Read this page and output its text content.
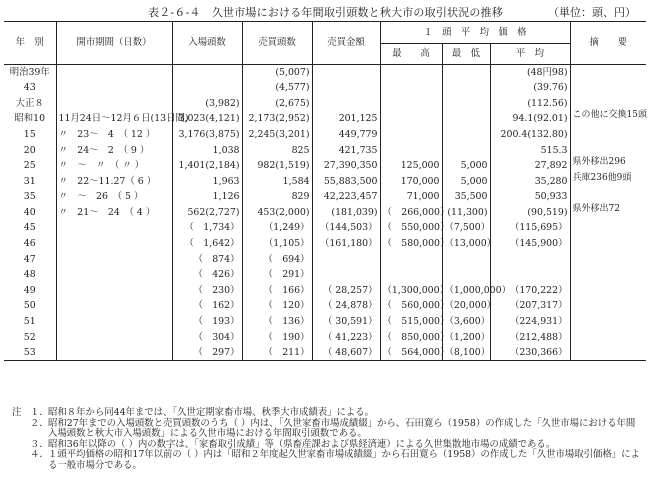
表２-６-４　久世市場における年間取引頭数と秋大市の取引状況の推移	（単位：頭、円）
年　別	開市期間（日数）	入場頭数	売買頭数	売買金額	１　頭　平　均　価　格			摘　　要
					最　　高	最　低	平　均	
明治39年			(5,007)				(48円98)	
43			(4,577)				(39.76)	
大正８		(3,982)	(2,675)				(112.56)	
昭和10	11月24日～12月６日(13日間)	3,023(4,121)	2,173(2,952)	201,125			94.1(92.01)	この他に交換15頭
15	〃　23～　4　（ 12 ）	3,176(3,875)	2,245(3,201)	449,779			200.4(132.80)	
20	〃　24～　2　（ 9 ）	1,038	825	421,735			515.3	
25	〃　～　〃　（ 〃 ）	1,401(2,184)	982(1,519)	27,390,350	125,000	5,000	27,892	県外移出296
31	〃　22～11.27（ 6 ）	1,963	1,584	55,883,500	170,000	5,000	35,280	兵庫236他9頭
35	〃　～　26　（ 5 ）	1,126	829	42,223,457	71,000	35,500	50,933	
40	〃　21～　24　（ 4 ）	562(2,727)	453(2,000)	(181,039)	（　266,000）	(11,300)	(90,519)	県外移出72
45		（　1,734）	（1,249）	（144,503）	（　550,000）	（7,500）	（115,695）	
46		（　1,642）	（1,105）	（161,180）	（　580,000）	（13,000）	（145,900）	
47		（　874）	（　694）					
48		（　426）	（　291）					
49		（　230）	（　166）	（ 28,257）	（1,300,000）	（1,000,000）	（170,222）	
50		（　162）	（　120）	（ 24,878）	（　560,000）	（20,000）	（207,317）	
51		（　193）	（　136）	（ 30,591）	（　515,000）	（3,600）	（224,931）	
52		（　304）	（　190）	（ 41,223）	（　850,000）	（1,200）	（212,488）	
53		（　297）	（　211）	（ 48,607）	（　564,000）	（8,100）	（230,366）	
注 １． 昭和８年から同44年までは、「久世定期家畜市場、秋季大市成績表」による。
２． 昭和27年までの入場頭数と売買頭数のうち（ ）内は、「久世家畜市場成績綴」から、石田寛ら（1958）の作成した「久世市場における年間入場頭数と秋大市入場頭数」による久世市場における年間取引頭数である。
３． 昭和36年以降の（ ）内の数字は、「家畜取引成績」等（県畜産課および県経済連）による久世集散地市場の成績である。
４． １頭平均価格の昭和17年以前の（ ）内は「昭和２年度起久世家畜市場成績綴」から石田寛ら（1958）の作成した「久世市場取引価格」による一般市場分である。
